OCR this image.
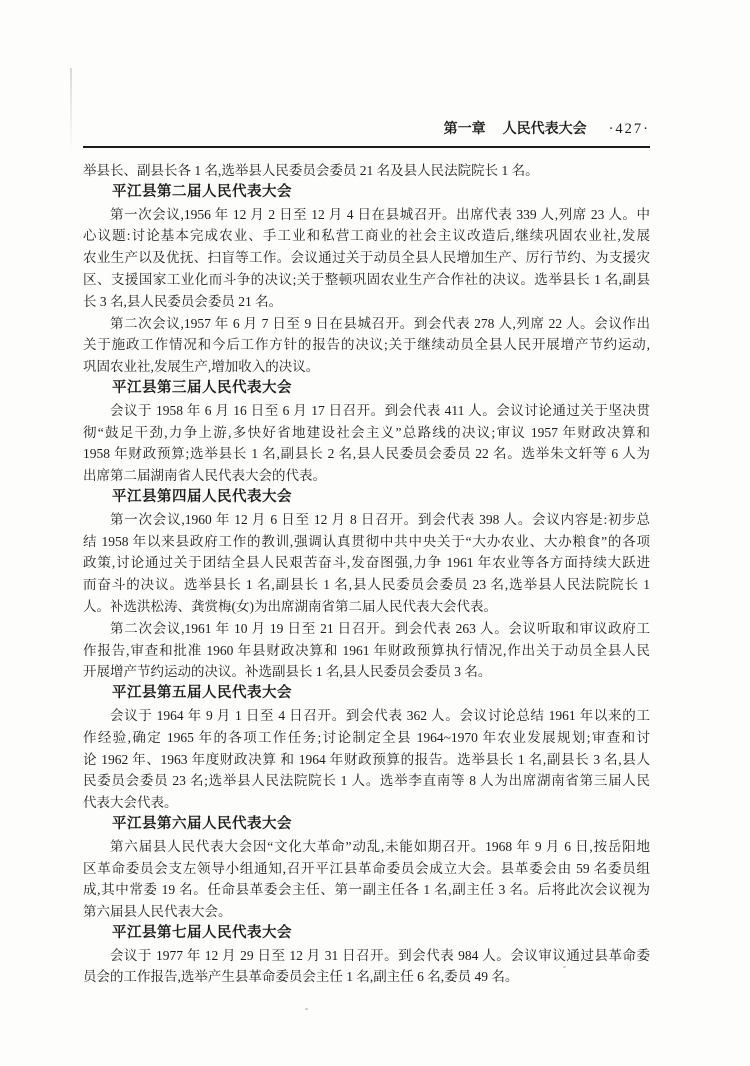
第一章 人民代表大会 ·427·
举县长、副县长各 1 名,选举县人民委员会委员 21 名及县人民法院院长 1 名。
平江县第二届人民代表大会
第一次会议,1956 年 12 月 2 日至 12 月 4 日在县城召开。出席代表 339 人,列席 23 人。中
心议题:讨论基本完成农业、手工业和私营工商业的社会主议改造后,继续巩固农业社,发展
农业生产以及优抚、扫盲等工作。会议通过关于动员全县人民增加生产、厉行节约、为支援灾
区、支援国家工业化而斗争的决议;关于整顿巩固农业生产合作社的决议。选举县长 1 名,副县
长 3 名,县人民委员会委员 21 名。
第二次会议,1957 年 6 月 7 日至 9 日在县城召开。到会代表 278 人,列席 22 人。会议作出
关于施政工作情况和今后工作方针的报告的决议;关于继续动员全县人民开展增产节约运动,
巩固农业社,发展生产,增加收入的决议。
平江县第三届人民代表大会
会议于 1958 年 6 月 16 日至 6 月 17 日召开。到会代表 411 人。会议讨论通过关于坚决贯
彻“鼓足干劲,力争上游,多快好省地建设社会主义”总路线的决议;审议 1957 年财政决算和
1958 年财政预算;选举县长 1 名,副县长 2 名,县人民委员会委员 22 名。选举朱文轩等 6 人为
出席第二届湖南省人民代表大会的代表。
平江县第四届人民代表大会
第一次会议,1960 年 12 月 6 日至 12 月 8 日召开。到会代表 398 人。会议内容是:初步总
结 1958 年以来县政府工作的教训,强调认真贯彻中共中央关于“大办农业、大办粮食”的各项
政策,讨论通过关于团结全县人民艰苦奋斗,发奋图强,力争 1961 年农业等各方面持续大跃进
而奋斗的决议。选举县长 1 名,副县长 1 名,县人民委员会委员 23 名,选举县人民法院院长 1
人。补选洪松涛、龚赏梅(女)为出席湖南省第二届人民代表大会代表。
第二次会议,1961 年 10 月 19 日至 21 日召开。到会代表 263 人。会议听取和审议政府工
作报告,审查和批准 1960 年县财政决算和 1961 年财政预算执行情况,作出关于动员全县人民
开展增产节约运动的决议。补选副县长 1 名,县人民委员会委员 3 名。
平江县第五届人民代表大会
会议于 1964 年 9 月 1 日至 4 日召开。到会代表 362 人。会议讨论总结 1961 年以来的工
作经验,确定 1965 年的各项工作任务;讨论制定全县 1964~1970 年农业发展规划;审查和讨
论 1962 年、1963 年度财政决算 和 1964 年财政预算的报告。选举县长 1 名,副县长 3 名,县人
民委员会委员 23 名;选举县人民法院院长 1 人。选举李直南等 8 人为出席湖南省第三届人民
代表大会代表。
平江县第六届人民代表大会
第六届县人民代表大会因“文化大革命”动乱,未能如期召开。1968 年 9 月 6 日,按岳阳地
区革命委员会支左领导小组通知,召开平江县革命委员会成立大会。县革委会由 59 名委员组
成,其中常委 19 名。任命县革委会主任、第一副主任各 1 名,副主任 3 名。后将此次会议视为
第六届县人民代表大会。
平江县第七届人民代表大会
会议于 1977 年 12 月 29 日至 12 月 31 日召开。到会代表 984 人。会议审议通过县革命委
员会的工作报告,选举产生县革命委员会主任 1 名,副主任 6 名,委员 49 名。
